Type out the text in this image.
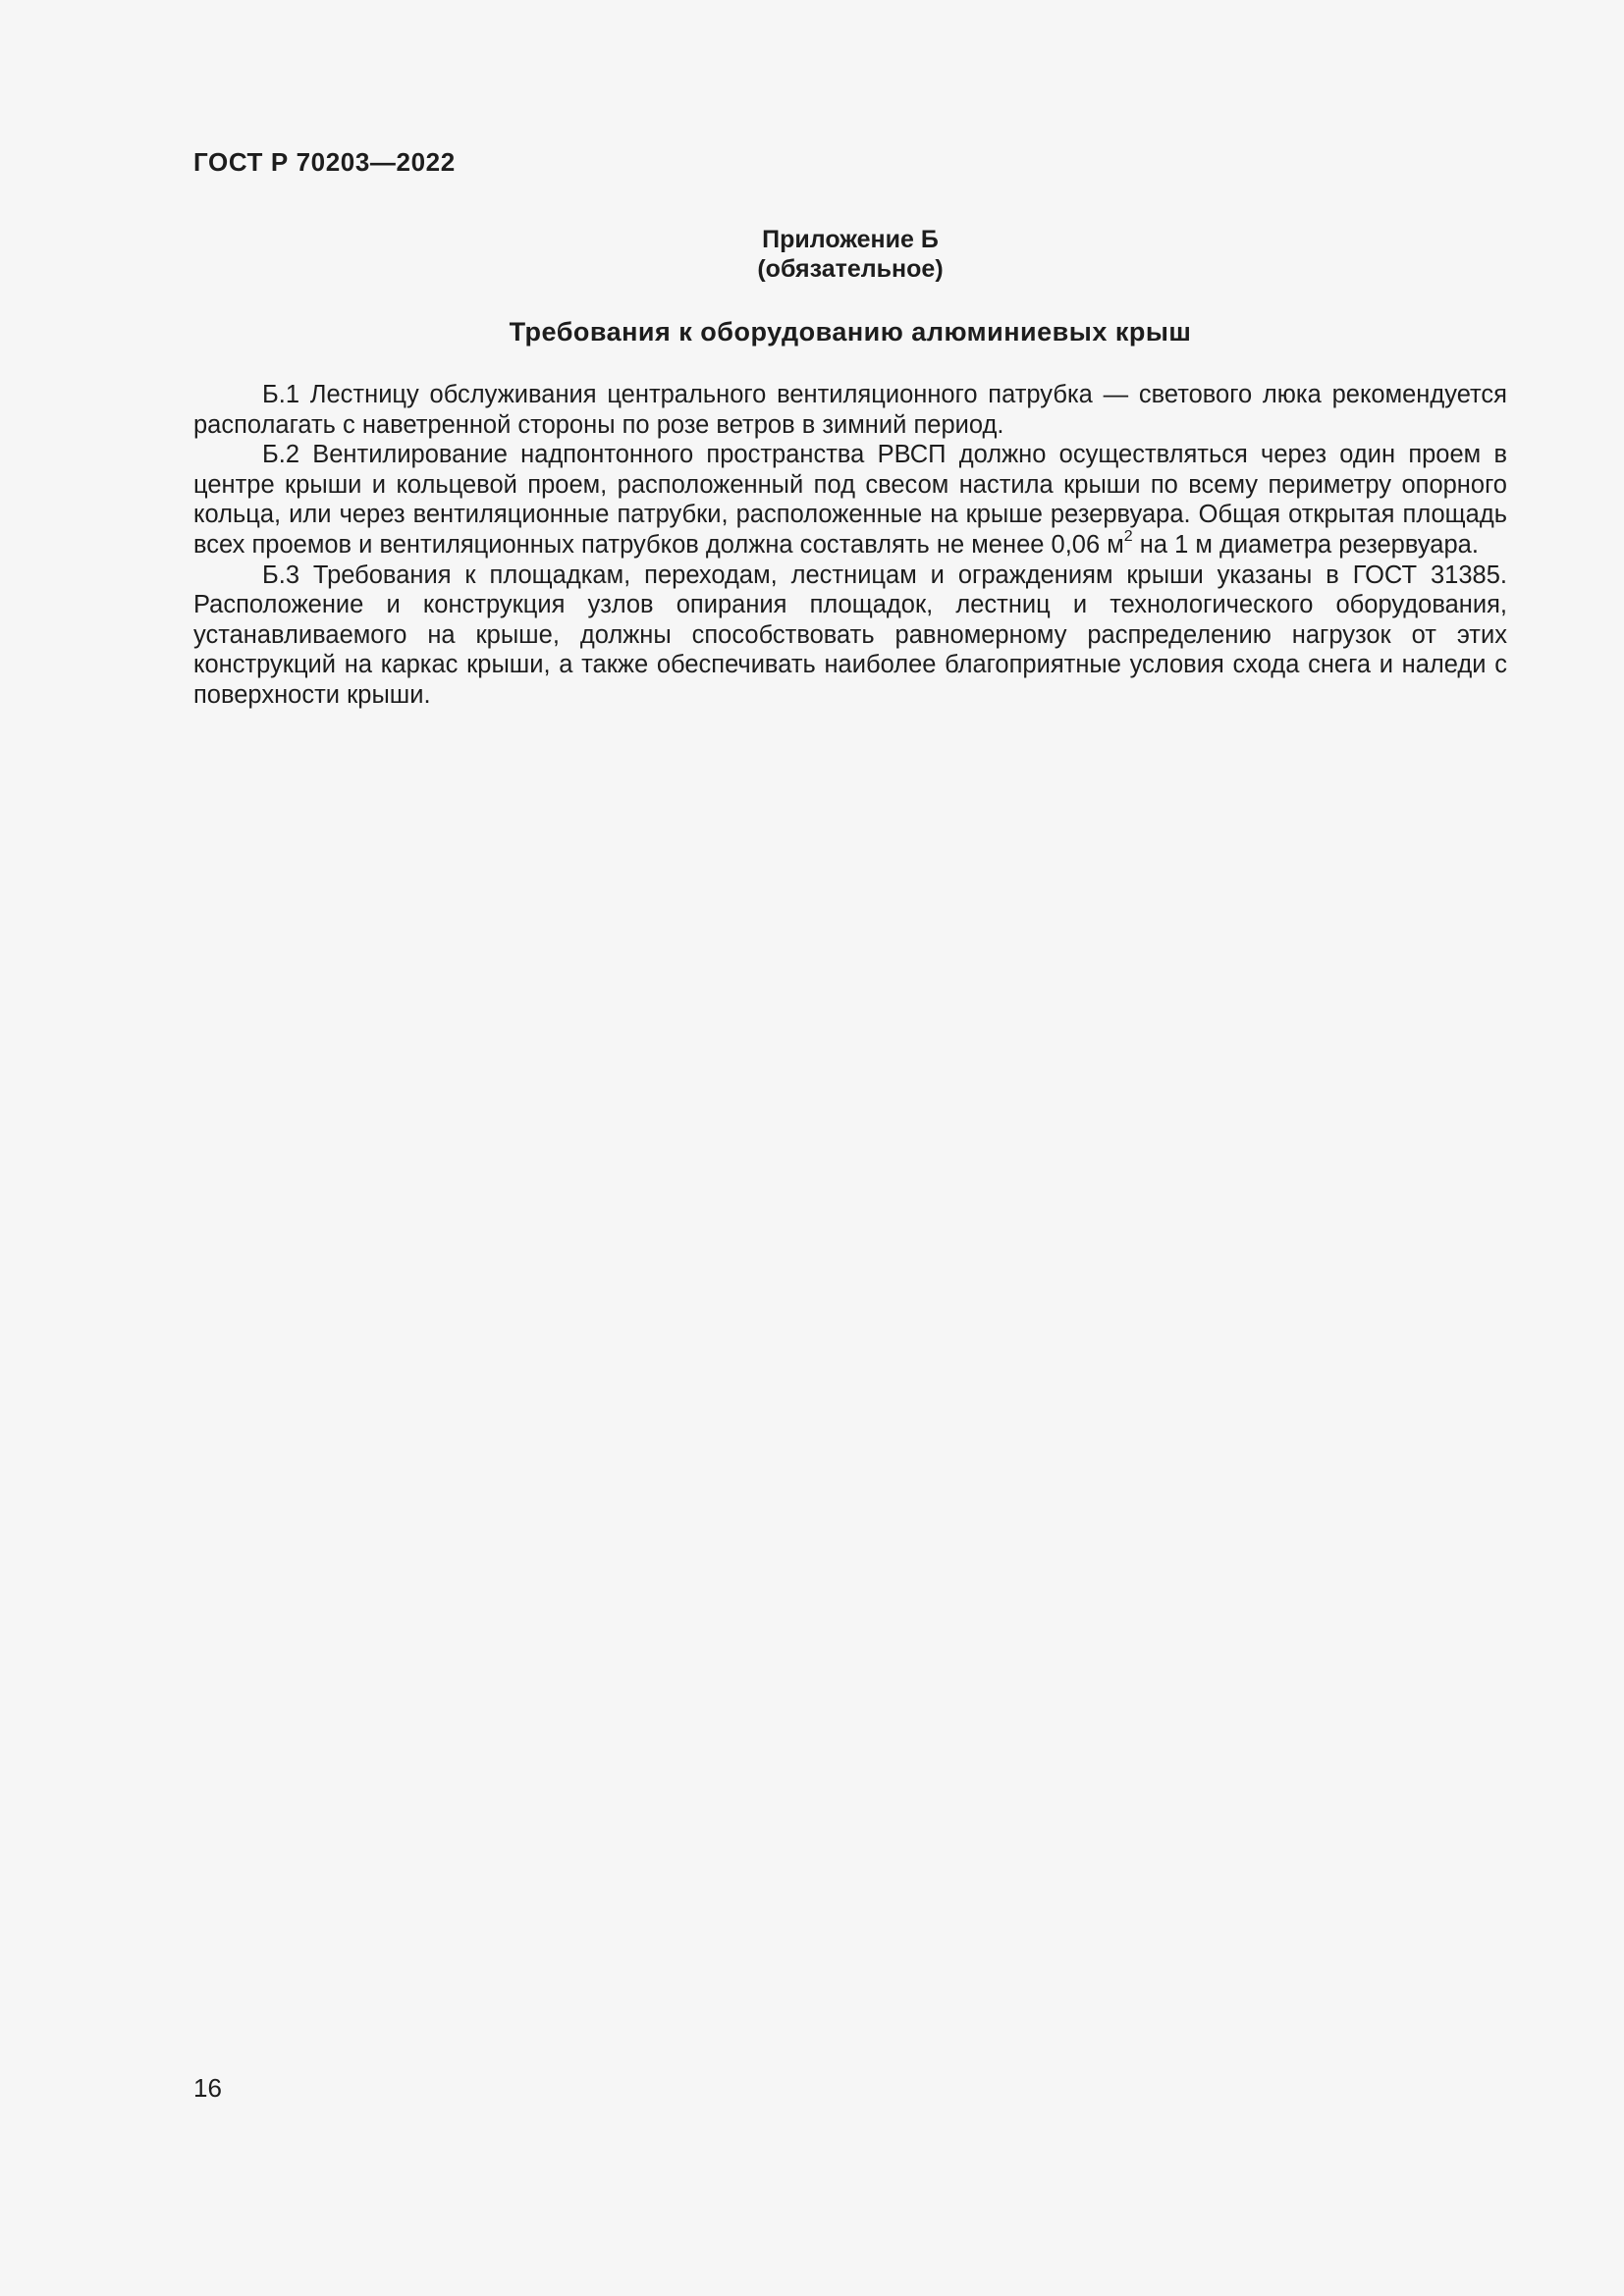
ГОСТ Р 70203—2022
Приложение Б
(обязательное)
Требования к оборудованию алюминиевых крыш

Б.1 Лестницу обслуживания центрального вентиляционного патрубка — светового люка рекомендуется располагать с наветренной стороны по розе ветров в зимний период.

Б.2 Вентилирование надпонтонного пространства РВСП должно осуществляться через один проем в центре крыши и кольцевой проем, расположенный под свесом настила крыши по всему периметру опорного кольца, или через вентиляционные патрубки, расположенные на крыше резервуара. Общая открытая площадь всех проемов и вентиляционных патрубков должна составлять не менее 0,06 $м^2$ на 1 м диаметра резервуара.

Б.3 Требования к площадкам, переходам, лестницам и ограждениям крыши указаны в ГОСТ 31385. Расположение и конструкция узлов опирания площадок, лестниц и технологического оборудования, устанавливаемого на крыше, должны способствовать равномерному распределению нагрузок от этих конструкций на каркас крыши, а также обеспечивать наиболее благоприятные условия схода снега и наледи с поверхности крыши.

16
